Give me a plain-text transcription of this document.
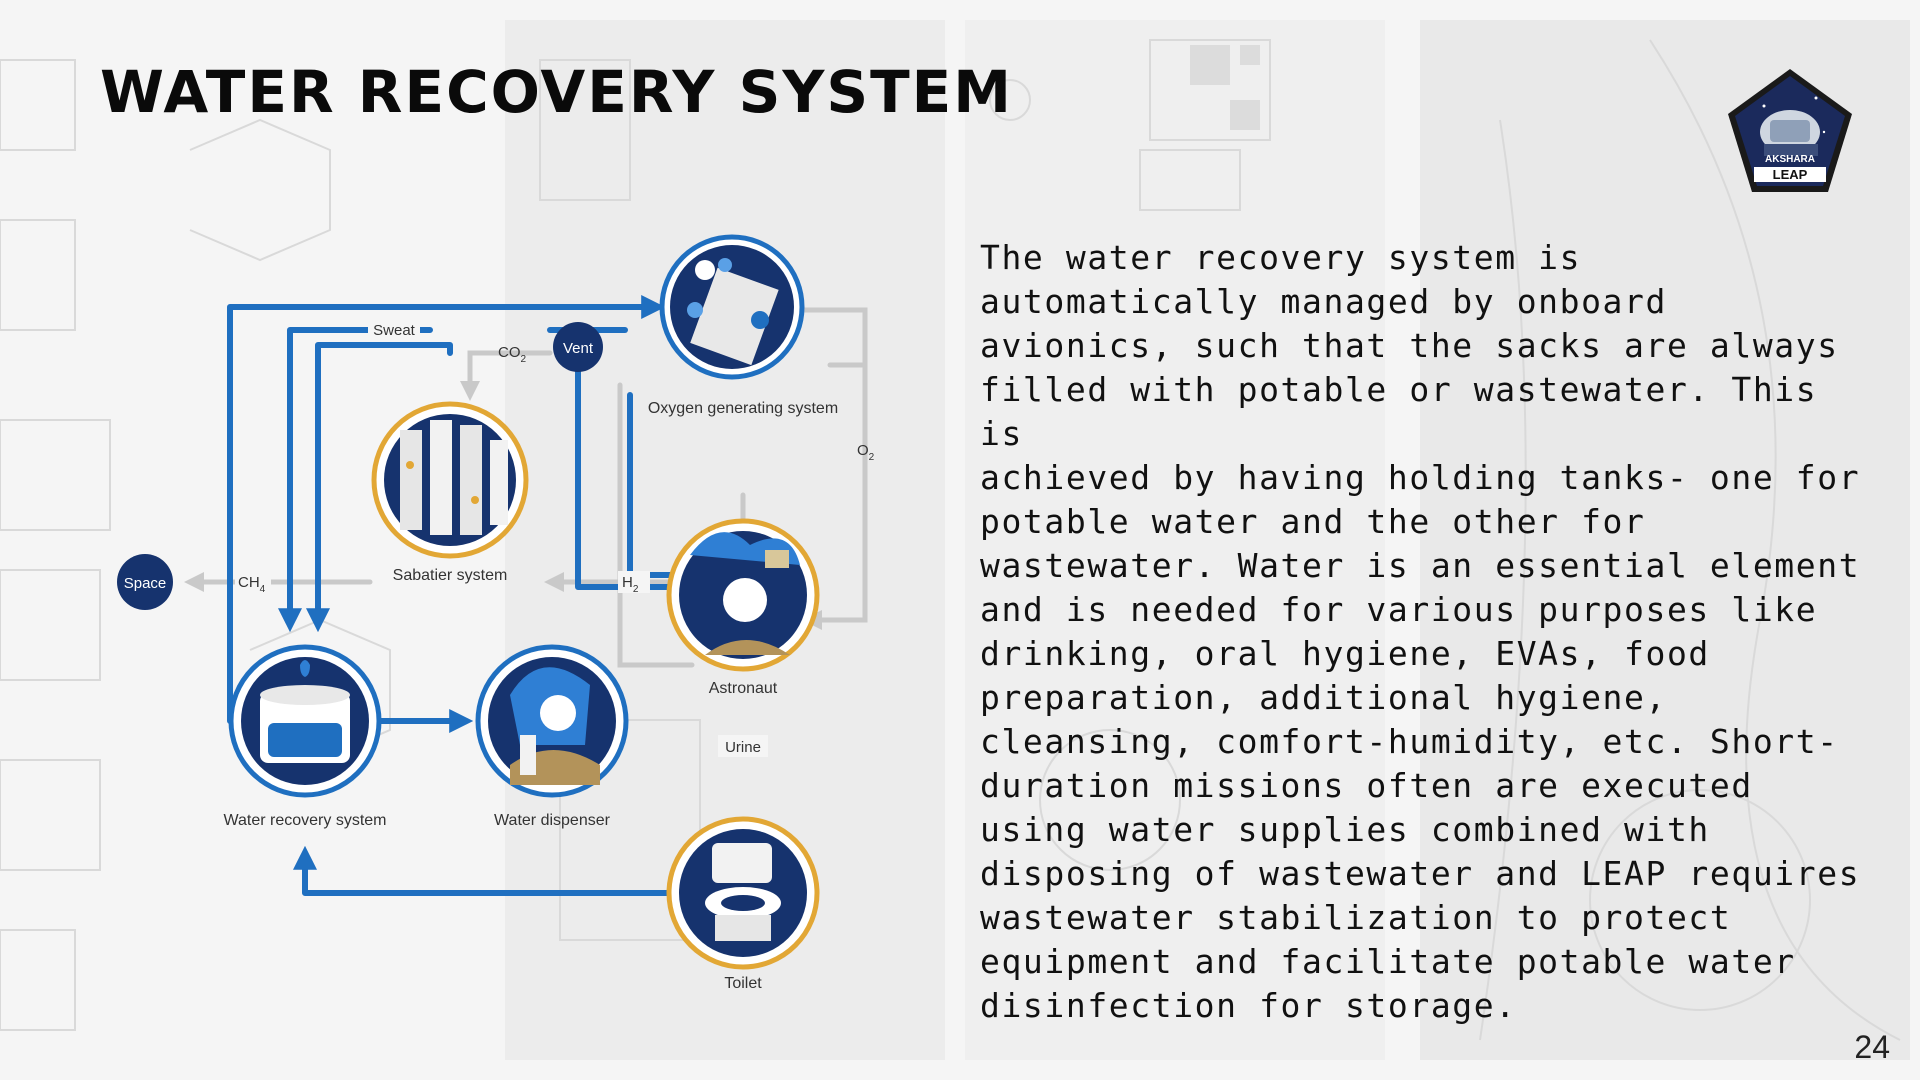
WATER RECOVERY SYSTEM
AKSHARA
LEAP
Oxygen generating system
Sabatier system
Astronaut
Water recovery system	Water dispenser
Toilet
Space
Vent
Sweat
$CO_2$
$CH_4$	$H_2$
$O_2$
Urine

The water recovery system is
automatically managed by onboard
avionics, such that the sacks are always
filled with potable or wastewater. This is
achieved by having holding tanks- one for
potable water and the other for
wastewater. Water is an essential element
and is needed for various purposes like
drinking, oral hygiene, EVAs, food
preparation, additional hygiene,
cleansing, comfort-humidity, etc. Short-
duration missions often are executed
using water supplies combined with
disposing of wastewater and LEAP requires
wastewater stabilization to protect
equipment and facilitate potable water
disinfection for storage.

24
